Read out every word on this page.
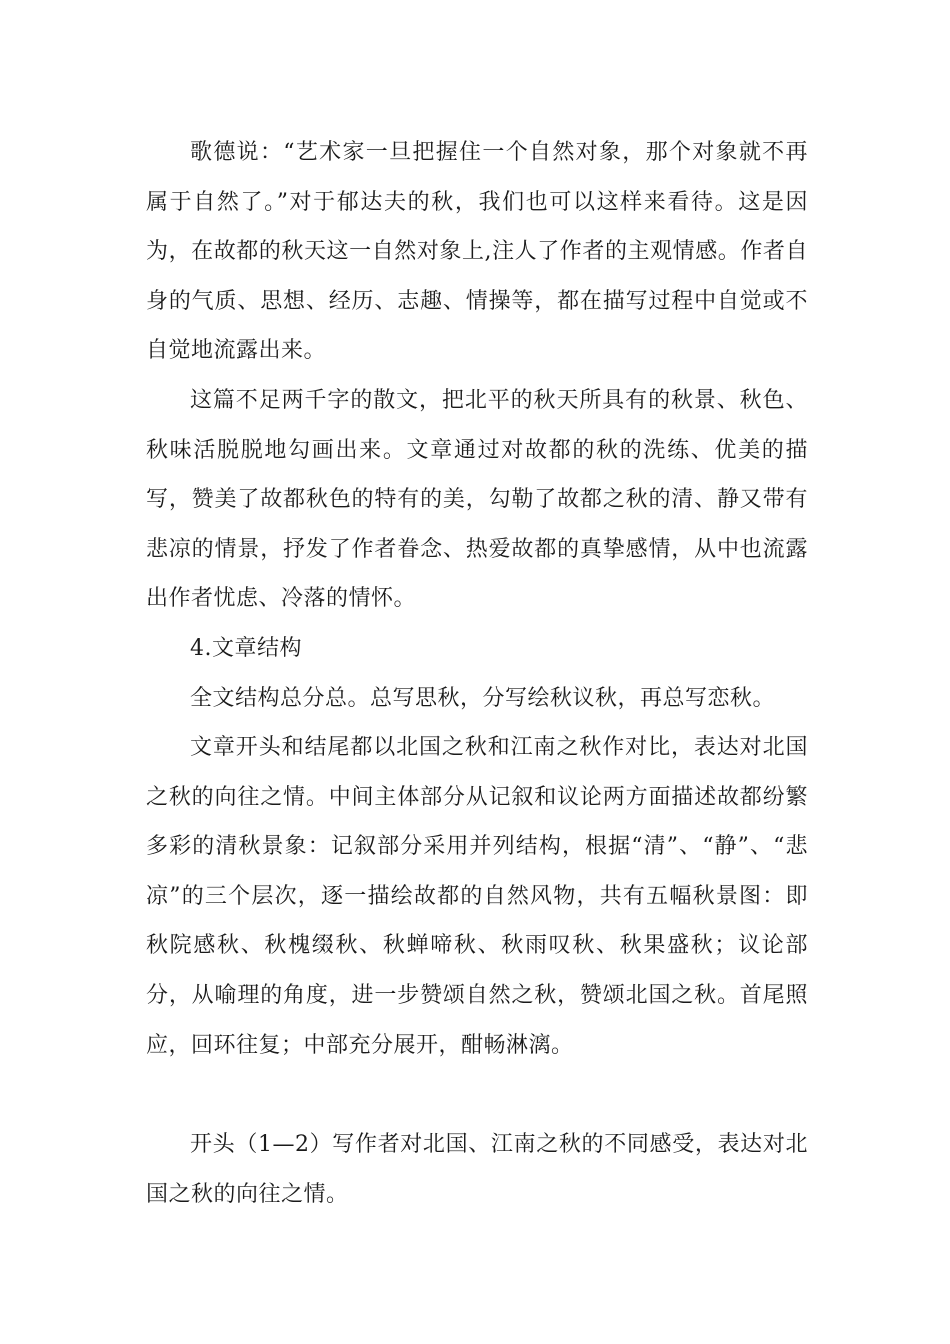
歌德说：“艺术家一旦把握住一个自然对象，那个对象就不再属于自然了。”对于郁达夫的秋，我们也可以这样来看待。这是因为，在故都的秋天这一自然对象上,注人了作者的主观情感。作者自身的气质、思想、经历、志趣、情操等，都在描写过程中自觉或不自觉地流露出来。

这篇不足两千字的散文，把北平的秋天所具有的秋景、秋色、秋味活脱脱地勾画出来。文章通过对故都的秋的洗练、优美的描写，赞美了故都秋色的特有的美，勾勒了故都之秋的清、静又带有悲凉的情景，抒发了作者眷念、热爱故都的真挚感情，从中也流露出作者忧虑、冷落的情怀。

4.文章结构

全文结构总分总。总写思秋，分写绘秋议秋，再总写恋秋。

文章开头和结尾都以北国之秋和江南之秋作对比，表达对北国之秋的向往之情。中间主体部分从记叙和议论两方面描述故都纷繁多彩的清秋景象：记叙部分采用并列结构，根据“清”、“静”、“悲凉”的三个层次，逐一描绘故都的自然风物，共有五幅秋景图：即秋院感秋、秋槐缀秋、秋蝉啼秋、秋雨叹秋、秋果盛秋；议论部分，从喻理的角度，进一步赞颂自然之秋，赞颂北国之秋。首尾照应，回环往复；中部充分展开，酣畅淋漓。

开头（1—2）写作者对北国、江南之秋的不同感受，表达对北国之秋的向往之情。
